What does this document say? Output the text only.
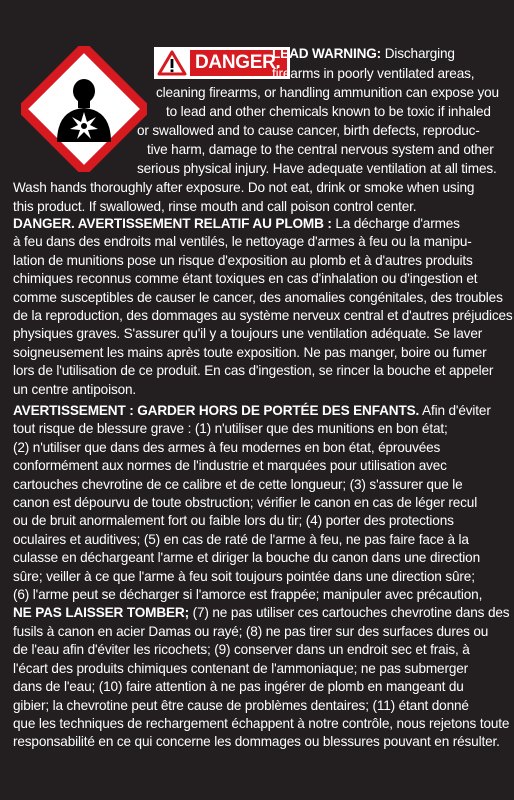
DANGER.
LEAD WARNING: Discharging
firearms in poorly ventilated areas,
cleaning firearms, or handling ammunition can expose you
to lead and other chemicals known to be toxic if inhaled
or swallowed and to cause cancer, birth defects, reproduc-
tive harm, damage to the central nervous system and other
serious physical injury. Have adequate ventilation at all times.
Wash hands thoroughly after exposure. Do not eat, drink or smoke when using
this product. If swallowed, rinse mouth and call poison control center.
DANGER. AVERTISSEMENT RELATIF AU PLOMB : La décharge d'armes
à feu dans des endroits mal ventilés, le nettoyage d'armes à feu ou la manipu-
lation de munitions pose un risque d'exposition au plomb et à d'autres produits
chimiques reconnus comme étant toxiques en cas d'inhalation ou d'ingestion et
comme susceptibles de causer le cancer, des anomalies congénitales, des troubles
de la reproduction, des dommages au système nerveux central et d'autres préjudices
physiques graves. S'assurer qu'il y a toujours une ventilation adéquate. Se laver
soigneusement les mains après toute exposition. Ne pas manger, boire ou fumer
lors de l'utilisation de ce produit. En cas d'ingestion, se rincer la bouche et appeler
un centre antipoison.
AVERTISSEMENT : GARDER HORS DE PORTÉE DES ENFANTS. Afin d'éviter
tout risque de blessure grave : (1) n'utiliser que des munitions en bon état;
(2) n'utiliser que dans des armes à feu modernes en bon état, éprouvées
conformément aux normes de l'industrie et marquées pour utilisation avec
cartouches chevrotine de ce calibre et de cette longueur; (3) s'assurer que le
canon est dépourvu de toute obstruction; vérifier le canon en cas de léger recul
ou de bruit anormalement fort ou faible lors du tir; (4) porter des protections
oculaires et auditives; (5) en cas de raté de l'arme à feu, ne pas faire face à la
culasse en déchargeant l'arme et diriger la bouche du canon dans une direction
sûre; veiller à ce que l'arme à feu soit toujours pointée dans une direction sûre;
(6) l'arme peut se décharger si l'amorce est frappée; manipuler avec précaution,
NE PAS LAISSER TOMBER; (7) ne pas utiliser ces cartouches chevrotine dans des
fusils à canon en acier Damas ou rayé; (8) ne pas tirer sur des surfaces dures ou
de l'eau afin d'éviter les ricochets; (9) conserver dans un endroit sec et frais, à
l'écart des produits chimiques contenant de l'ammoniaque; ne pas submerger
dans de l'eau; (10) faire attention à ne pas ingérer de plomb en mangeant du
gibier; la chevrotine peut être cause de problèmes dentaires; (11) étant donné
que les techniques de rechargement échappent à notre contrôle, nous rejetons toute
responsabilité en ce qui concerne les dommages ou blessures pouvant en résulter.
